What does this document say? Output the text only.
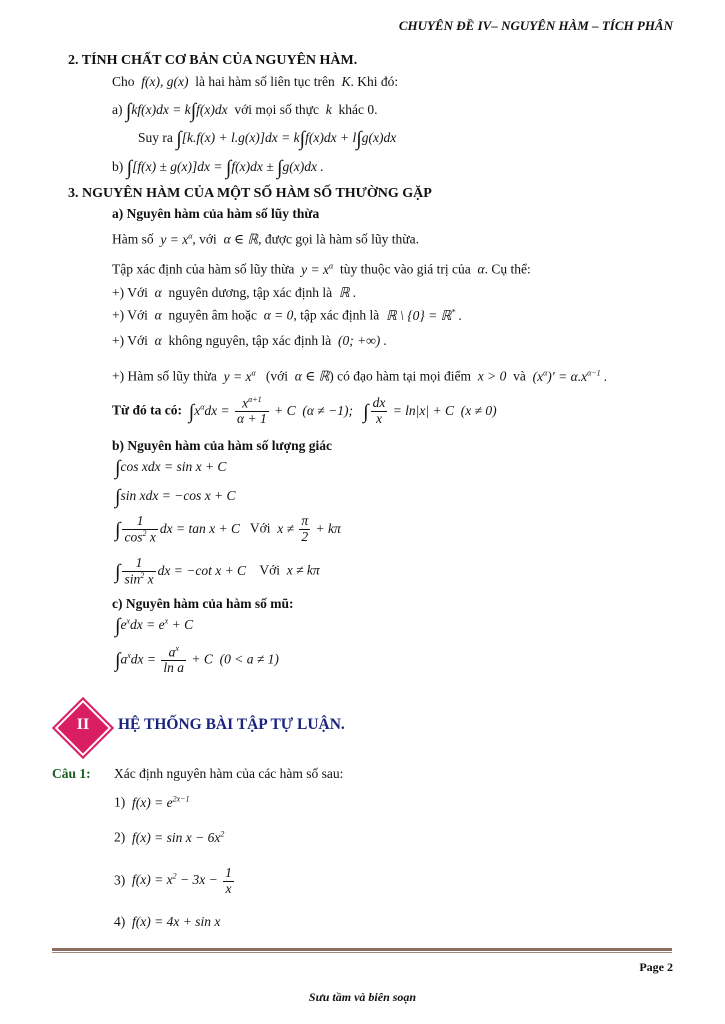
CHUYÊN ĐỀ IV– NGUYÊN HÀM – TÍCH PHÂN
2. TÍNH CHẤT CƠ BẢN CỦA NGUYÊN HÀM.
Cho  f(x), g(x)  là hai hàm số liên tục trên  K. Khi đó:
a) ∫kf(x)dx = k∫f(x)dx  với mọi số thực  k  khác 0.
Suy ra ∫[k.f(x) + l.g(x)]dx = k∫f(x)dx + l∫g(x)dx
b) ∫[f(x) ± g(x)]dx = ∫f(x)dx ± ∫g(x)dx .
3. NGUYÊN HÀM CỦA MỘT SỐ HÀM SỐ THƯỜNG GẶP
a) Nguyên hàm của hàm số lũy thừa
Hàm số  $y = x^\alpha$, với  α ∈ ℝ, được gọi là hàm số lũy thừa.
Tập xác định của hàm số lũy thừa  $y = x^\alpha$ tùy thuộc vào giá trị của  α. Cụ thể:
+) Với  α  nguyên dương, tập xác định là  ℝ .
+) Với  α  nguyên âm hoặc  α = 0, tập xác định là  ℝ \ {0} = ℝ* .
+) Với  α  không nguyên, tập xác định là  (0; +∞) .
+) Hàm số lũy thừa  $y = x^\alpha$ (với  α ∈ ℝ) có đạo hàm tại mọi điểm  x > 0  và  $(x^\alpha)' = \alpha.x^{\alpha-1}$ .
Từ đó ta có: $\int x^\alpha dx = \frac{x^{\alpha+1}}{\alpha + 1} + C$  (α ≠ −1);   ∫ $\frac{dx}{x} = \ln|x| + C$  (x ≠ 0)
b) Nguyên hàm của hàm số lượng giác
∫cos xdx = sin x + C
∫sin xdx = −cos x + C
∫ $\frac{1}{\cos^2 x}$ dx = tan x + C   Với  $x \ne \frac{\pi}{2} + k\pi$
∫ $\frac{1}{\sin^2 x}$ dx = −cot x + C    Với  x ≠ kπ
c) Nguyên hàm của hàm số mũ:
$\int e^xdx = e^x + C$
$\int a^xdx = \frac{a^x}{\text{ln a}} + C$  (0 < a ≠ 1)
II	HỆ THỐNG BÀI TẬP TỰ LUẬN.
Câu 1: Xác định nguyên hàm của các hàm số sau:
1)  $f(x) = e^{2x-1}$
2)  $f(x) = \sin x - 6x^2$
3)  $f(x) = x^2 - 3x - \frac{1}{x}$
4)  f(x) = 4x + sin x
Page 2
Sưu tầm và biên soạn
